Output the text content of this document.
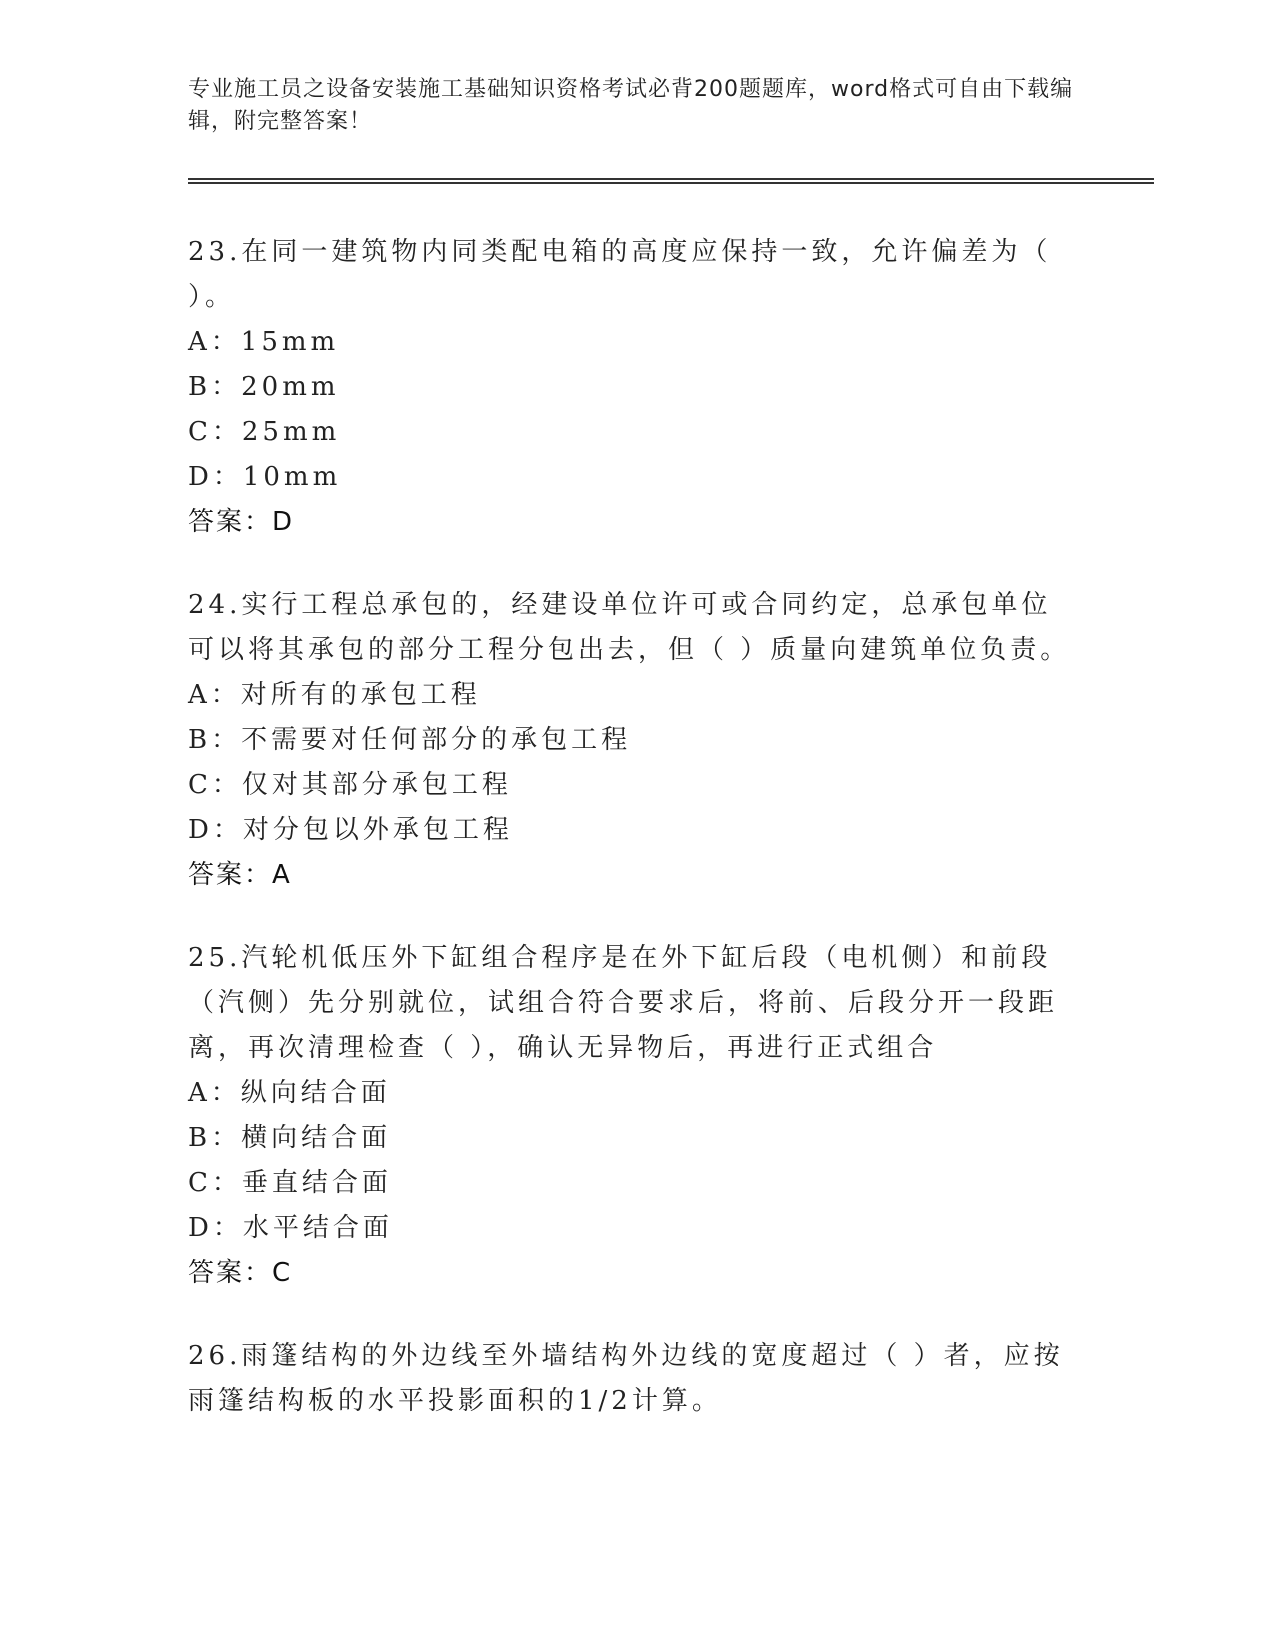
专业施工员之设备安装施工基础知识资格考试必背200题题库，word格式可自由下载编辑，附完整答案！

23.在同一建筑物内同类配电箱的高度应保持一致，允许偏差为（ ）。

A：15mm

B：20mm

C：25mm

D：10mm

答案：D

24.实行工程总承包的，经建设单位许可或合同约定，总承包单位可以将其承包的部分工程分包出去，但（ ）质量向建筑单位负责。

A：对所有的承包工程

B：不需要对任何部分的承包工程

C：仅对其部分承包工程

D：对分包以外承包工程

答案：A

25.汽轮机低压外下缸组合程序是在外下缸后段（电机侧）和前段（汽侧）先分别就位，试组合符合要求后，将前、后段分开一段距离，再次清理检查（ ），确认无异物后，再进行正式组合

A：纵向结合面

B：横向结合面

C：垂直结合面

D：水平结合面

答案：C

26.雨篷结构的外边线至外墙结构外边线的宽度超过（ ）者，应按雨篷结构板的水平投影面积的1/2计算。
